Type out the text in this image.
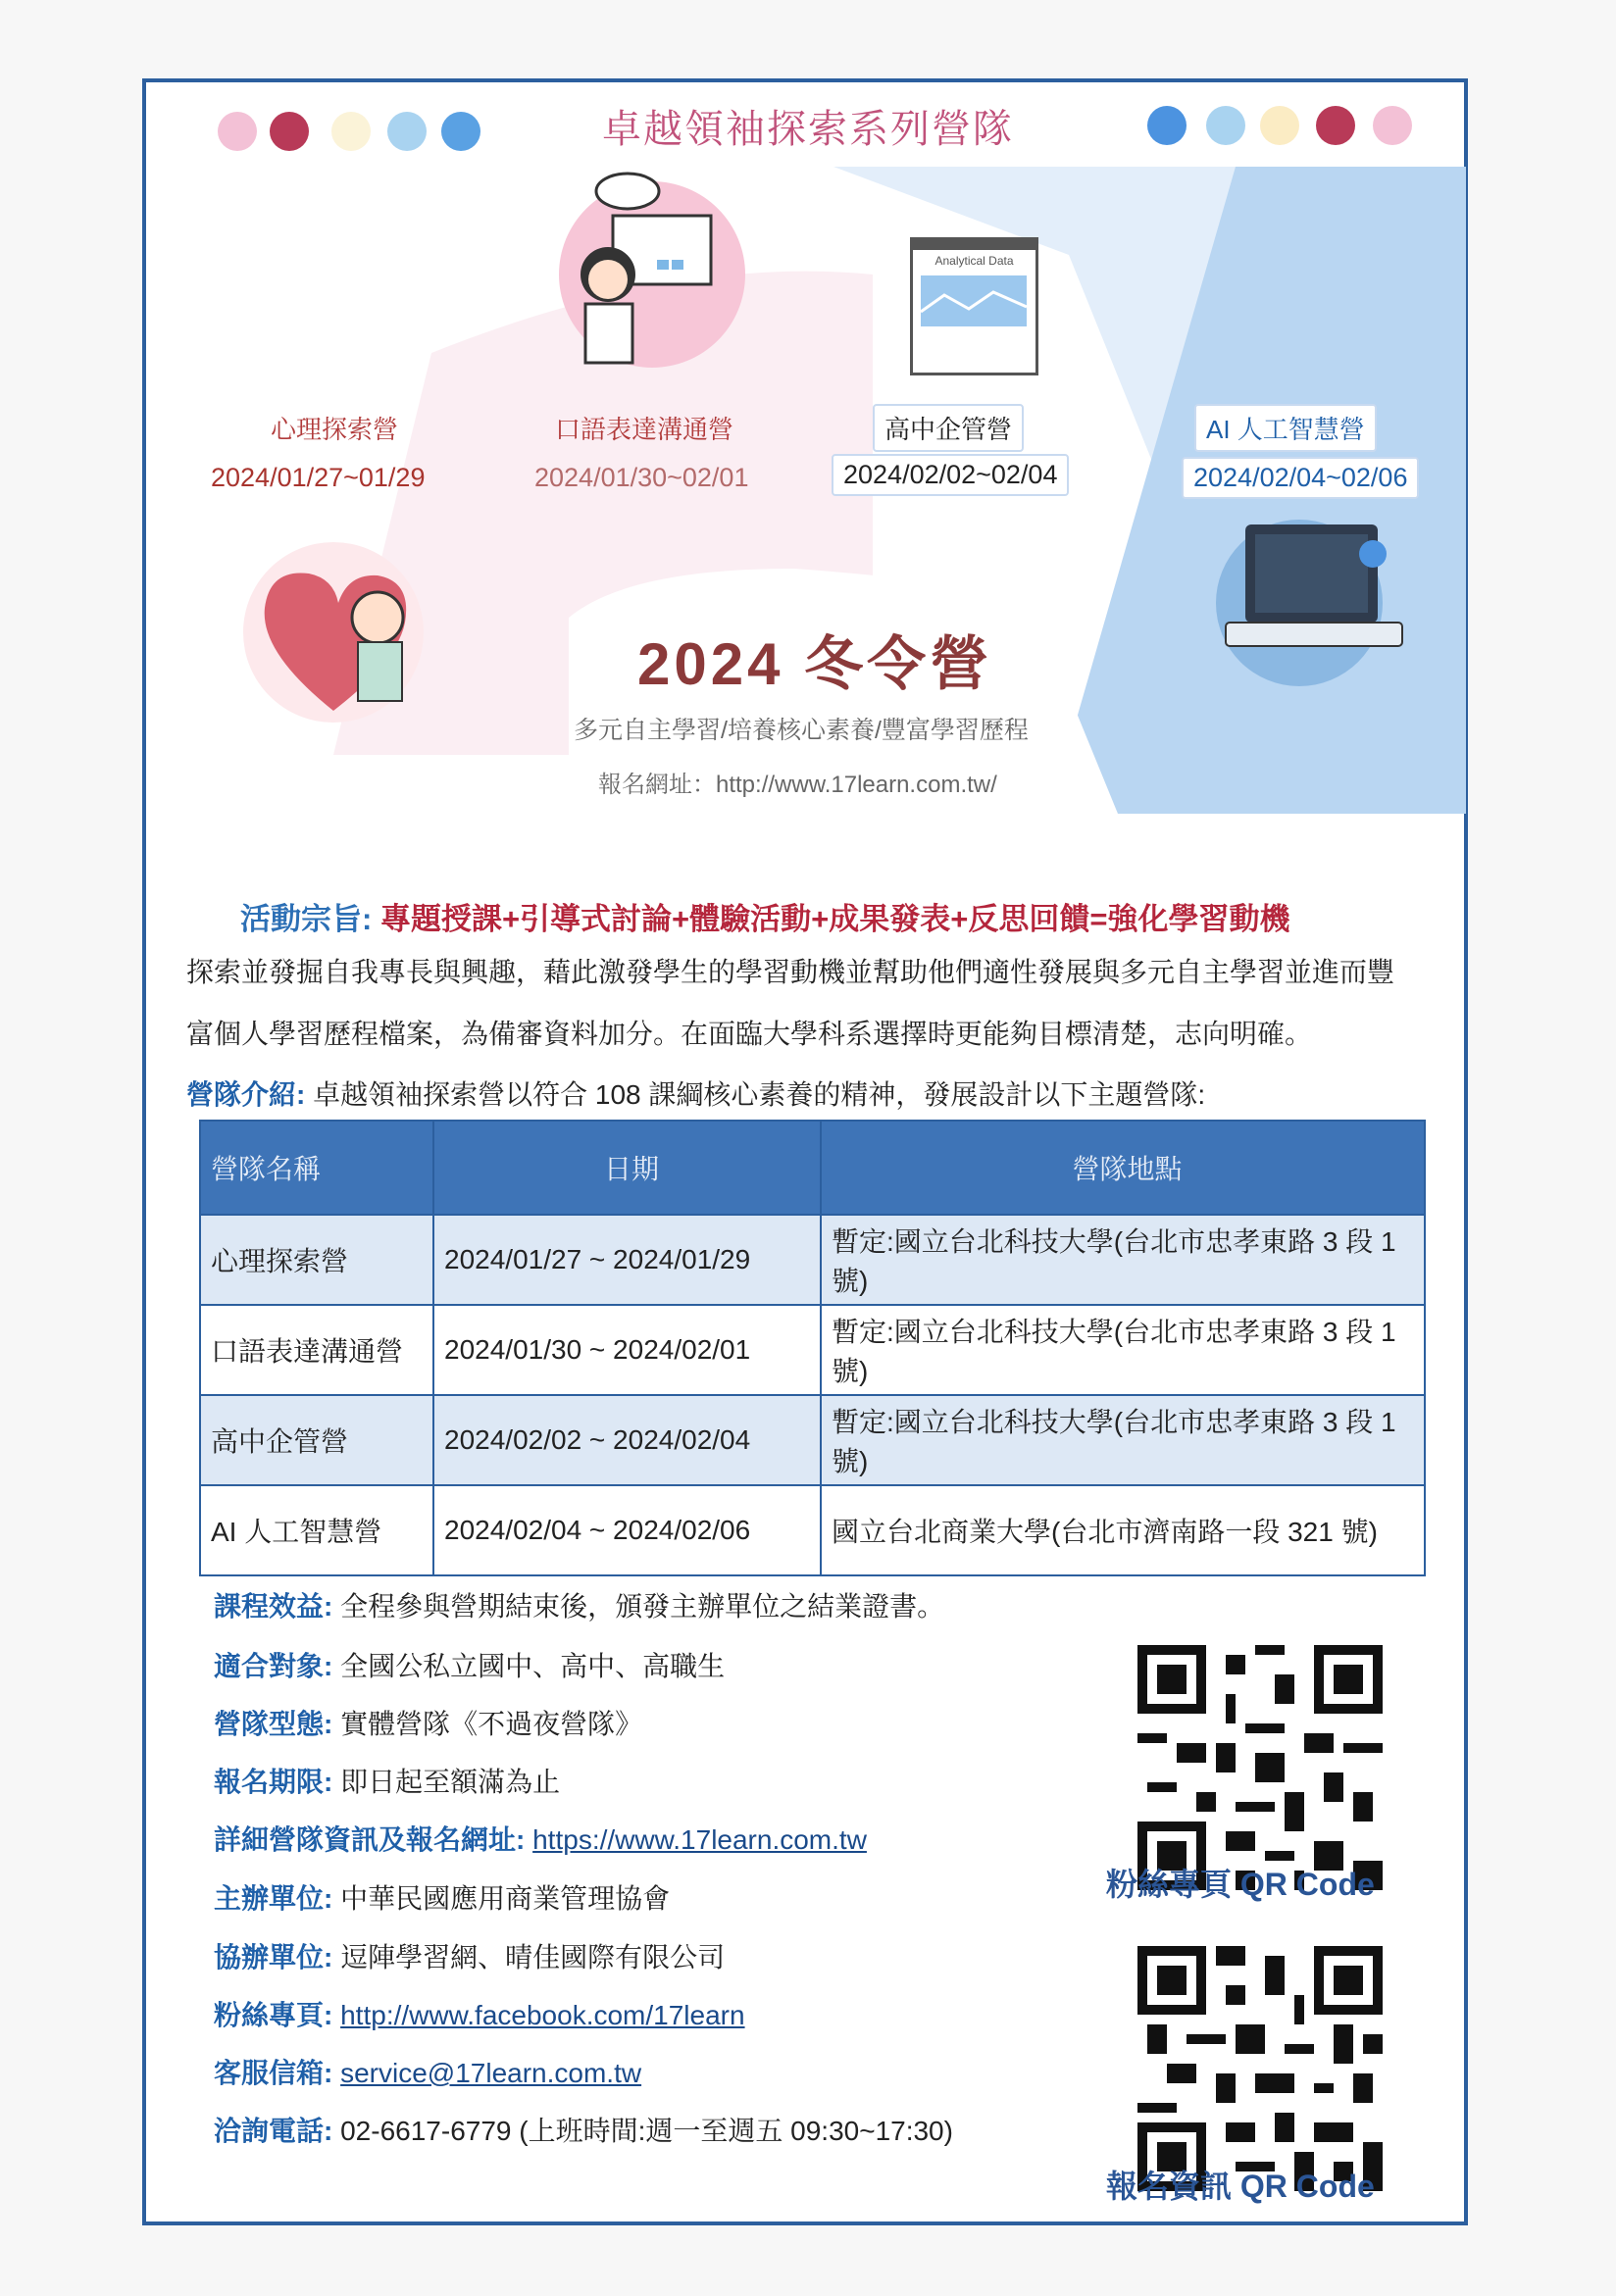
卓越領袖探索系列營隊
Analytical Data
心理探索營
2024/01/27~01/29
口語表達溝通營
2024/01/30~02/01
高中企管營
2024/02/02~02/04
AI 人工智慧營
2024/02/04~02/06
2024 冬令營
多元自主學習/培養核心素養/豐富學習歷程
報名網址：http://www.17learn.com.tw/
活動宗旨: 專題授課+引導式討論+體驗活動+成果發表+反思回饋=強化學習動機
探索並發掘自我專長與興趣，藉此激發學生的學習動機並幫助他們適性發展與多元自主學習並進而豐
富個人學習歷程檔案，為備審資料加分。在面臨大學科系選擇時更能夠目標清楚，志向明確。
營隊介紹: 卓越領袖探索營以符合 108 課綱核心素養的精神，發展設計以下主題營隊:
營隊名稱	日期	營隊地點
心理探索營	2024/01/27 ~ 2024/01/29	暫定:國立台北科技大學(台北市忠孝東路 3 段 1 號)
口語表達溝通營	2024/01/30 ~ 2024/02/01	暫定:國立台北科技大學(台北市忠孝東路 3 段 1 號)
高中企管營	2024/02/02 ~ 2024/02/04	暫定:國立台北科技大學(台北市忠孝東路 3 段 1 號)
AI 人工智慧營	2024/02/04 ~ 2024/02/06	國立台北商業大學(台北市濟南路一段 321 號)
課程效益: 全程參與營期結束後，頒發主辦單位之結業證書。
適合對象: 全國公私立國中、高中、高職生
營隊型態: 實體營隊《不過夜營隊》
報名期限: 即日起至額滿為止
詳細營隊資訊及報名網址: https://www.17learn.com.tw
主辦單位: 中華民國應用商業管理協會
協辦單位: 逗陣學習網、晴佳國際有限公司
粉絲專頁: http://www.facebook.com/17learn
客服信箱: service@17learn.com.tw
洽詢電話: 02-6617-6779 (上班時間:週一至週五 09:30~17:30)
粉絲專頁 QR Code
報名資訊 QR Code
